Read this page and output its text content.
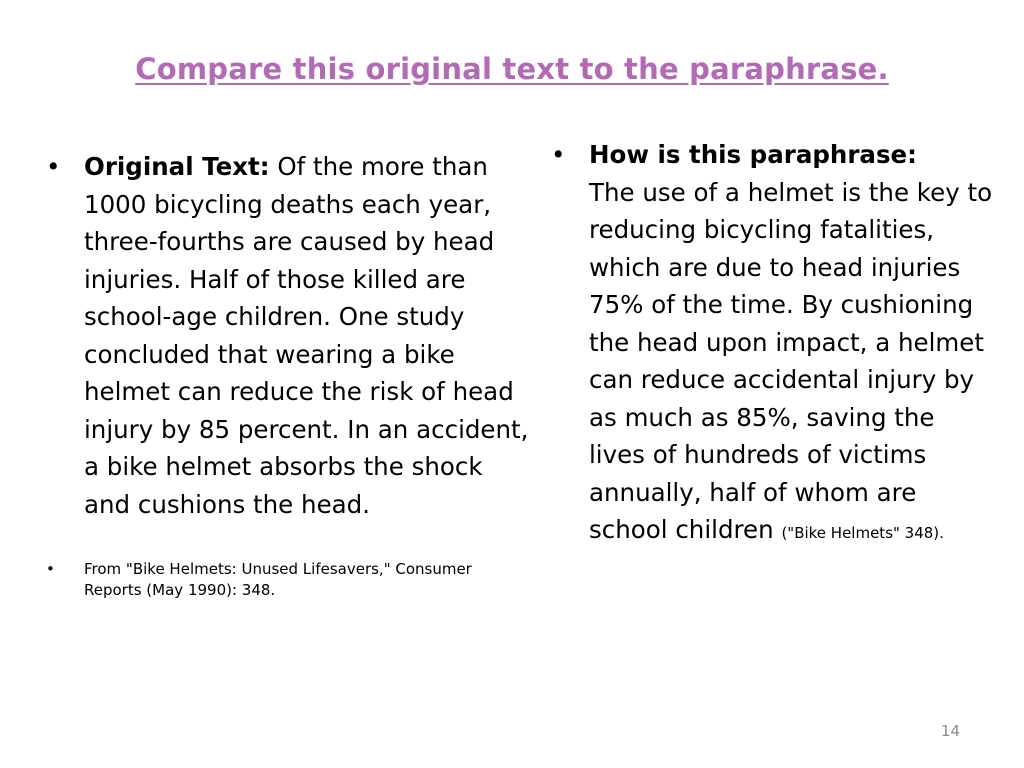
Compare this original text to the paraphrase.
• Original Text: Of the more than 1000 bicycling deaths each year, three-fourths are caused by head injuries. Half of those killed are school-age children. One study concluded that wearing a bike helmet can reduce the risk of head injury by 85 percent. In an accident, a bike helmet absorbs the shock and cushions the head.
• From "Bike Helmets: Unused Lifesavers," Consumer Reports (May 1990): 348.
• How is this paraphrase:
The use of a helmet is the key to reducing bicycling fatalities, which are due to head injuries 75% of the time. By cushioning the head upon impact, a helmet can reduce accidental injury by as much as 85%, saving the lives of hundreds of victims annually, half of whom are school children ("Bike Helmets" 348).
14
